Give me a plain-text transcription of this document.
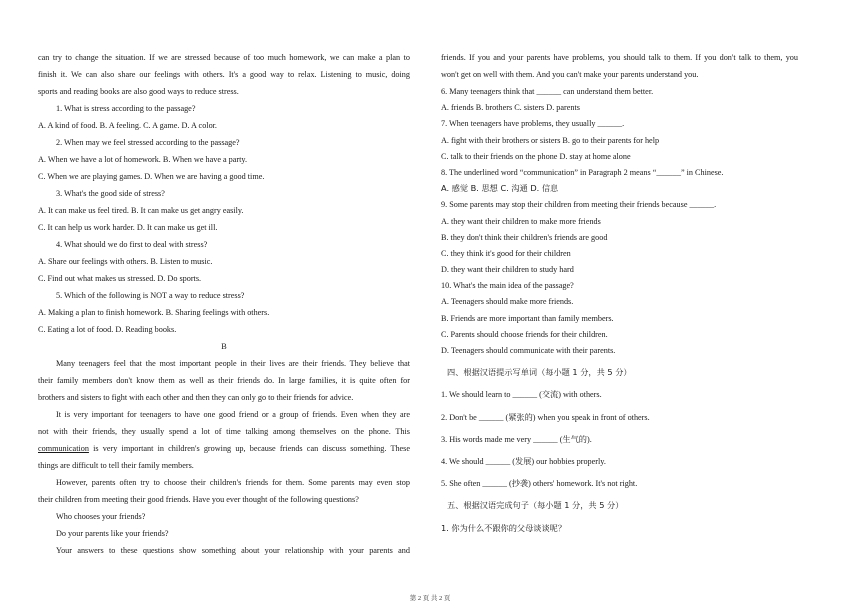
can try to change the situation. If we are stressed because of too much homework, we can make a plan to

finish it. We can also share our feelings with others. It's a good way to relax. Listening to music, doing

sports and reading books are also good ways to reduce stress.

1. What is stress according to the passage?

A. A kind of food. B. A feeling. C. A game. D. A color.

2. When may we feel stressed according to the passage?

A. When we have a lot of homework. B. When we have a party.

C. When we are playing games. D. When we are having a good time.

3. What's the good side of stress?

A. It can make us feel tired. B. It can make us get angry easily.

C. It can help us work harder. D. It can make us get ill.

4. What should we do first to deal with stress?

A. Share our feelings with others. B. Listen to music.

C. Find out what makes us stressed. D. Do sports.

5. Which of the following is NOT a way to reduce stress?

A. Making a plan to finish homework. B. Sharing feelings with others.

C. Eating a lot of food. D. Reading books.

B

Many teenagers feel that the most important people in their lives are their friends. They believe that

their family members don't know them as well as their friends do. In large families, it is quite often for

brothers and sisters to fight with each other and then they can only go to their friends for advice.

It is very important for teenagers to have one good friend or a group of friends. Even when they are

not with their friends, they usually spend a lot of time talking among themselves on the phone. This

communication is very important in children's growing up, because friends can discuss something. These

things are difficult to tell their family members.

However, parents often try to choose their children's friends for them. Some parents may even stop

their children from meeting their good friends. Have you ever thought of the following questions?

Who chooses your friends?

Do your parents like your friends?

Your answers to these questions show something about your relationship with your parents and

friends. If you and your parents have problems, you should talk to them. If you don't talk to them, you

won't get on well with them. And you can't make your parents understand you.

6. Many teenagers think that ______ can understand them better.

A. friends B. brothers C. sisters D. parents

7. When teenagers have problems, they usually ______.

A. fight with their brothers or sisters B. go to their parents for help

C. talk to their friends on the phone D. stay at home alone

8. The underlined word “communication” in Paragraph 2 means “______” in Chinese.

A. 感觉 B. 思想 C. 沟通 D. 信息

9. Some parents may stop their children from meeting their friends because ______.

A. they want their children to make more friends

B. they don't think their children's friends are good

C. they think it's good for their children

D. they want their children to study hard

10. What's the main idea of the passage?

A. Teenagers should make more friends.

B. Friends are more important than family members.

C. Parents should choose friends for their children.

D. Teenagers should communicate with their parents.

四、根据汉语提示写单词（每小题 1 分，共 5 分）

1. We should learn to ______ (交流) with others.

2. Don't be ______ (紧张的) when you speak in front of others.

3. His words made me very ______ (生气的).

4. We should ______ (发展) our hobbies properly.

5. She often ______ (抄袭) others' homework. It's not right.

五、根据汉语完成句子（每小题 1 分，共 5 分）

1. 你为什么不跟你的父母谈谈呢？

第 2 页 共 2 页
